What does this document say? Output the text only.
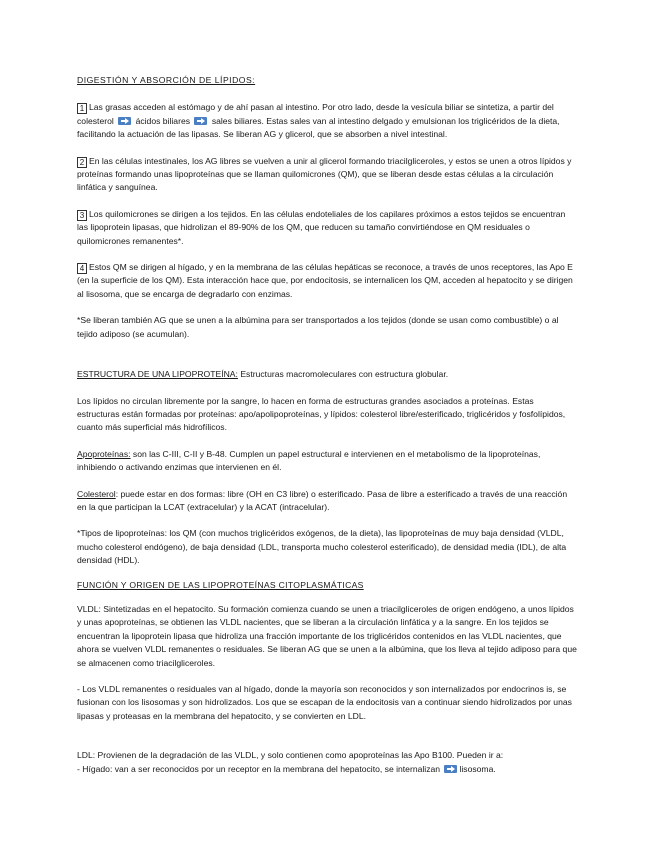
DIGESTIÓN Y ABSORCIÓN DE LÍPIDOS:

1 Las grasas acceden al estómago y de ahí pasan al intestino. Por otro lado, desde la vesícula biliar se sintetiza, a partir del colesterol	ácidos biliares	sales biliares. Estas sales van al intestino delgado y emulsionan los triglicéridos de la dieta, facilitando la actuación de las lipasas. Se liberan AG y glicerol, que se absorben a nivel intestinal.

2 En las células intestinales, los AG libres se vuelven a unir al glicerol formando triacilgliceroles, y estos se unen a otros lípidos y proteínas formando unas lipoproteínas que se llaman quilomicrones (QM), que se liberan desde estas células a la circulación linfática y sanguínea.

3 Los quilomicrones se dirigen a los tejidos. En las células endoteliales de los capilares próximos a estos tejidos se encuentran las lipoprotein lipasas, que hidrolizan el 89-90% de los QM, que reducen su tamaño convirtiéndose en QM residuales o quilomicrones remanentes*.

4 Estos QM se dirigen al hígado, y en la membrana de las células hepáticas se reconoce, a través de unos receptores, las Apo E (en la superficie de los QM). Esta interacción hace que, por endocitosis, se internalicen los QM, acceden al hepatocito y se dirigen al lisosoma, que se encarga de degradarlo con enzimas.

*Se liberan también AG que se unen a la albúmina para ser transportados a los tejidos (donde se usan como combustible) o al tejido adiposo (se acumulan).

ESTRUCTURA DE UNA LIPOPROTEÍNA: Estructuras macromoleculares con estructura globular.

Los lípidos no circulan libremente por la sangre, lo hacen en forma de estructuras grandes asociados a proteínas. Estas estructuras están formadas por proteínas: apo/apolipoproteínas, y lípidos: colesterol libre/esterificado, triglicéridos y fosfolípidos, cuanto más superficial más hidrofílicos.

Apoproteínas: son las C-III, C-II y B-48. Cumplen un papel estructural e intervienen en el metabolismo de la lipoproteínas, inhibiendo o activando enzimas que intervienen en él.

Colesterol: puede estar en dos formas: libre (OH en C3 libre) o esterificado. Pasa de libre a esterificado a través de una reacción en la que participan la LCAT (extracelular) y la ACAT (intracelular).

*Tipos de lipoproteínas: los QM (con muchos triglicéridos exógenos, de la dieta), las lipoproteínas de muy baja densidad (VLDL, mucho colesterol endógeno), de baja densidad (LDL, transporta mucho colesterol esterificado), de densidad media (IDL), de alta densidad (HDL).

FUNCIÓN Y ORIGEN DE LAS LIPOPROTEÍNAS CITOPLASMÁTICAS

VLDL: Sintetizadas en el hepatocito. Su formación comienza cuando se unen a triacilgliceroles de origen endógeno, a unos lípidos y unas apoproteínas, se obtienen las VLDL nacientes, que se liberan a la circulación linfática y a la sangre. En los tejidos se encuentran la lipoprotein lipasa que hidroliza una fracción importante de los triglicéridos contenidos en las VLDL nacientes, que ahora se vuelven VLDL remanentes o residuales. Se liberan AG que se unen a la albúmina, que los lleva al tejido adiposo para que se almacenen como triacilgliceroles.

- Los VLDL remanentes o residuales van al hígado, donde la mayoría son reconocidos y son internalizados por endocrinos is, se fusionan con los lisosomas y son hidrolizados. Los que se escapan de la endocitosis van a continuar siendo hidrolizados por unas lipasas y proteasas en la membrana del hepatocito, y se convierten en LDL.

LDL: Provienen de la degradación de las VLDL, y solo contienen como apoproteínas las Apo B100. Pueden ir a:

- Hígado: van a ser reconocidos por un receptor en la membrana del hepatocito, se internalizan lisosoma.
